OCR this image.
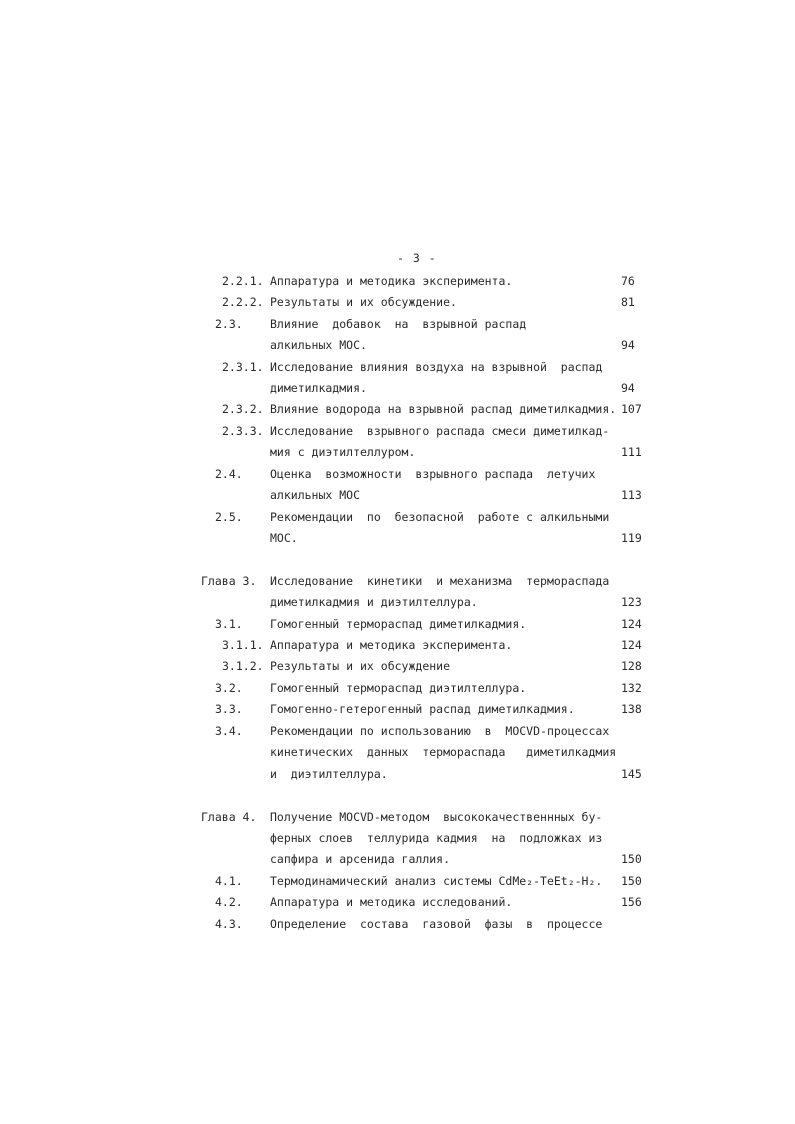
- 3 -
2.2.1. Аппаратура и методика эксперимента.	76
2.2.2. Результаты и их обсуждение.	81
2.3. Влияние  добавок  на  взрывной распад
алкильных МОС.	94
2.3.1. Исследование влияния воздуха на взрывной  распад
диметилкадмия.	94
2.3.2. Влияние водорода на взрывной распад диметилкадмия. 107
2.3.3. Исследование  взрывного распада смеси диметилкад-
мия с диэтилтеллуром.	111
2.4. Оценка  возможности  взрывного распада  летучих
алкильных МОС	113
2.5. Рекомендации  по  безопасной  работе с алкильными
МОС.	119
Глава 3. Исследование  кинетики  и механизма  термораспада
диметилкадмия и диэтилтеллура.	123
3.1. Гомогенный термораспад диметилкадмия.	124
3.1.1. Аппаратура и методика эксперимента.	124
3.1.2. Результаты и их обсуждение	128
3.2. Гомогенный термораспад диэтилтеллура.	132
3.3. Гомогенно-гетерогенный распад диметилкадмия.	138
3.4. Рекомендации по использованию  в  MOCVD-процессах
кинетических  данных  термораспада   диметилкадмия
и  диэтилтеллура.	145
Глава 4. Получение MOCVD-методом  высококачественнных бу-
ферных слоев  теллурида кадмия  на  подложках из
сапфира и арсенида галлия.	150
4.1. Термодинамический анализ системы CdMe₂-TeEt₂-H₂. 150
4.2. Аппаратура и методика исследований.	156
4.3. Определение  состава  газовой  фазы  в  процессе
